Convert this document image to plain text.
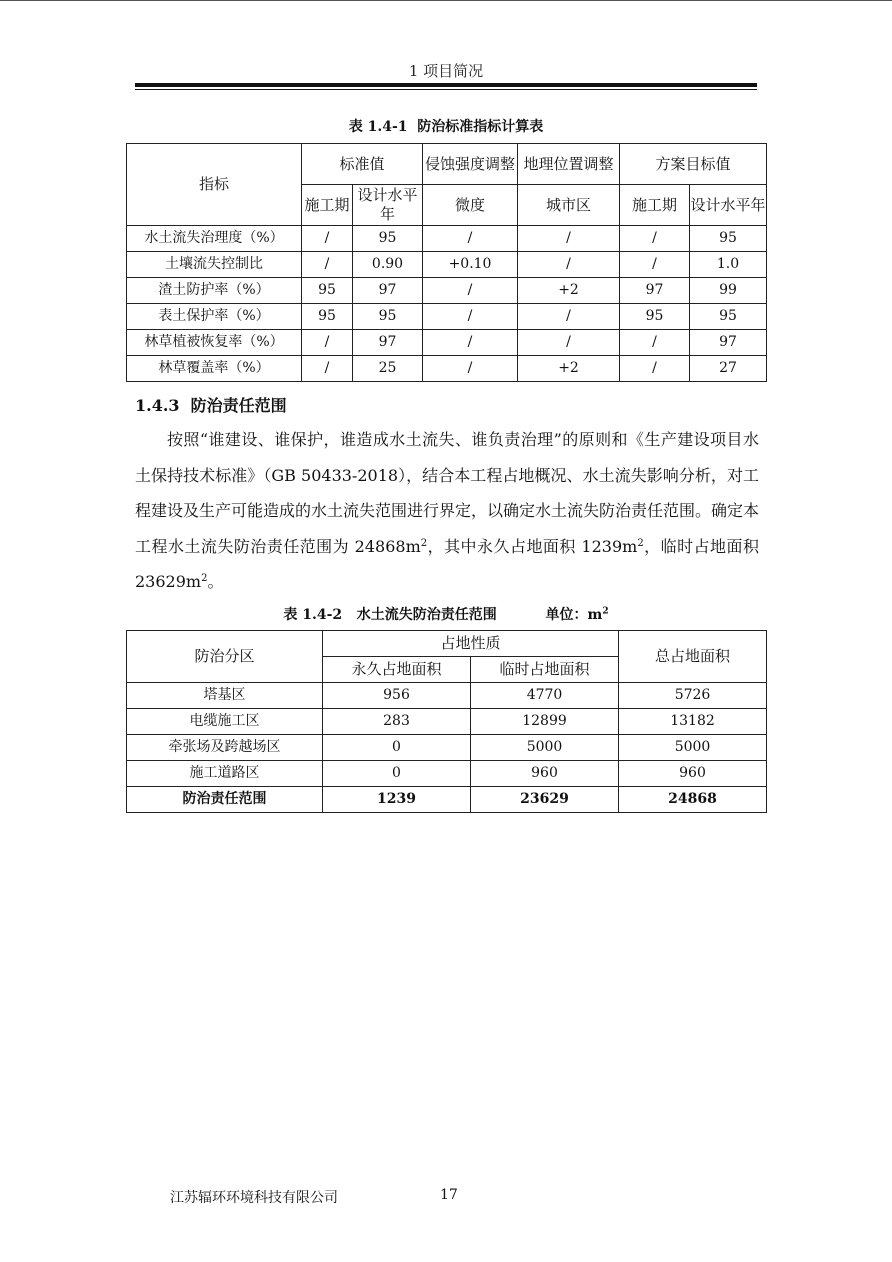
1 项目简况
表 1.4-1  防治标准指标计算表
指标	标准值		侵蚀强度调整	地理位置调整	方案目标值	
	施工期	设计水平年	微度	城市区	施工期	设计水平年
水土流失治理度（%）	/	95	/	/	/	95
土壤流失控制比	/	0.90	+0.10	/	/	1.0
渣土防护率（%）	95	97	/	+2	97	99
表土保护率（%）	95	95	/	/	95	95
林草植被恢复率（%）	/	97	/	/	/	97
林草覆盖率（%）	/	25	/	+2	/	27
1.4.3  防治责任范围
按照“谁建设、谁保护，谁造成水土流失、谁负责治理”的原则和《生产建设项目水土保持技术标准》（GB 50433-2018），结合本工程占地概况、水土流失影响分析，对工程建设及生产可能造成的水土流失范围进行界定，以确定水土流失防治责任范围。确定本工程水土流失防治责任范围为 $24868m^2$，其中永久占地面积 $1239m^2$，临时占地面积 $23629m^2$。
表 1.4-2   水土流失防治责任范围	单位：$m^2$
防治分区	占地性质		总占地面积
	永久占地面积	临时占地面积	
塔基区	956	4770	5726
电缆施工区	283	12899	13182
牵张场及跨越场区	0	5000	5000
施工道路区	0	960	960
防治责任范围	1239	23629	24868
江苏辐环环境科技有限公司	17
